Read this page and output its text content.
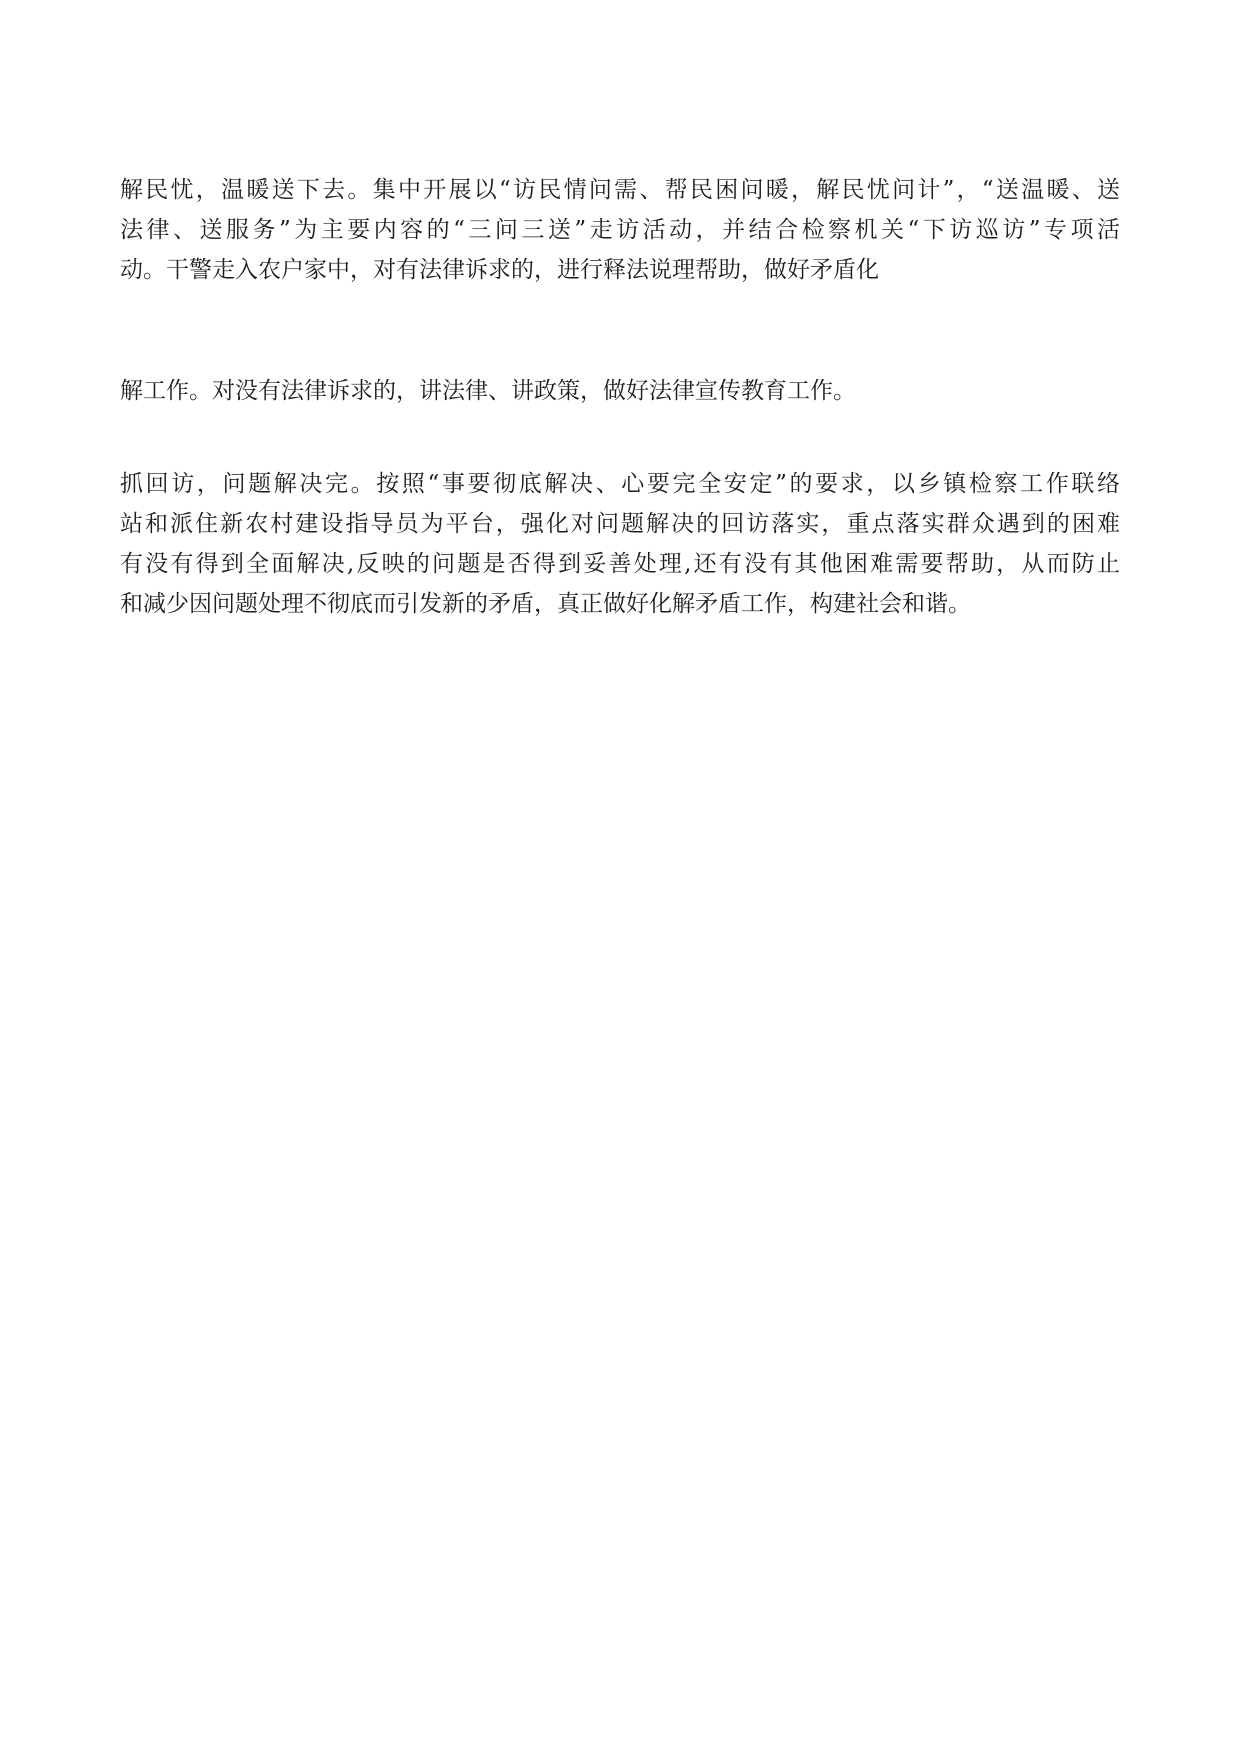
解民忧，温暖送下去。集中开展以“访民情问需、帮民困问暖，解民忧问计”，“送温暖、送
法律、送服务”为主要内容的“三问三送”走访活动，并结合检察机关“下访巡访”专项活
动。干警走入农户家中，对有法律诉求的，进行释法说理帮助，做好矛盾化
解工作。对没有法律诉求的，讲法律、讲政策，做好法律宣传教育工作。
抓回访，问题解决完。按照“事要彻底解决、心要完全安定”的要求，以乡镇检察工作联络
站和派住新农村建设指导员为平台，强化对问题解决的回访落实，重点落实群众遇到的困难
有没有得到全面解决,反映的问题是否得到妥善处理,还有没有其他困难需要帮助，从而防止
和减少因问题处理不彻底而引发新的矛盾，真正做好化解矛盾工作，构建社会和谐。
